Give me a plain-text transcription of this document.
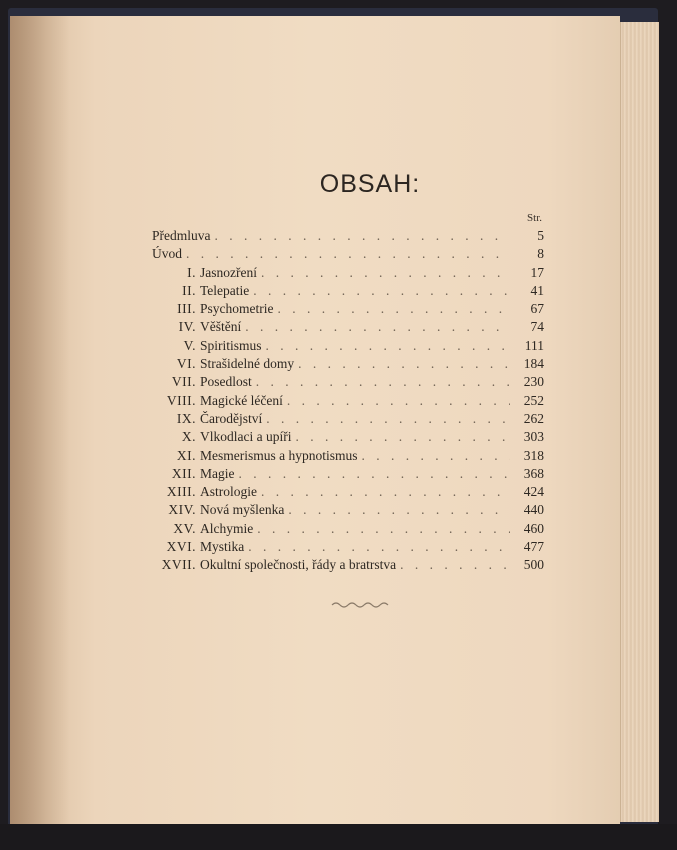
OBSAH:
Str.
Předmluva . . .	5
Úvod . . .	8
I. Jasnozření . . .	17
II. Telepatie . . .	41
III. Psychometrie . . .	67
IV. Věštění . . .	74
V. Spiritismus . . .	111
VI. Strašidelné domy . . .	184
VII. Posedlost . . .	230
VIII. Magické léčení . . .	252
IX. Čarodějství . . .	262
X. Vlkodlaci a upíři . . .	303
XI. Mesmerismus a hypnotismus . . .	318
XII. Magie . . .	368
XIII. Astrologie . . .	424
XIV. Nová myšlenka . . .	440
XV. Alchymie . . .	460
XVI. Mystika . . .	477
XVII. Okultní společnosti, řády a bratrstva . . .	500
